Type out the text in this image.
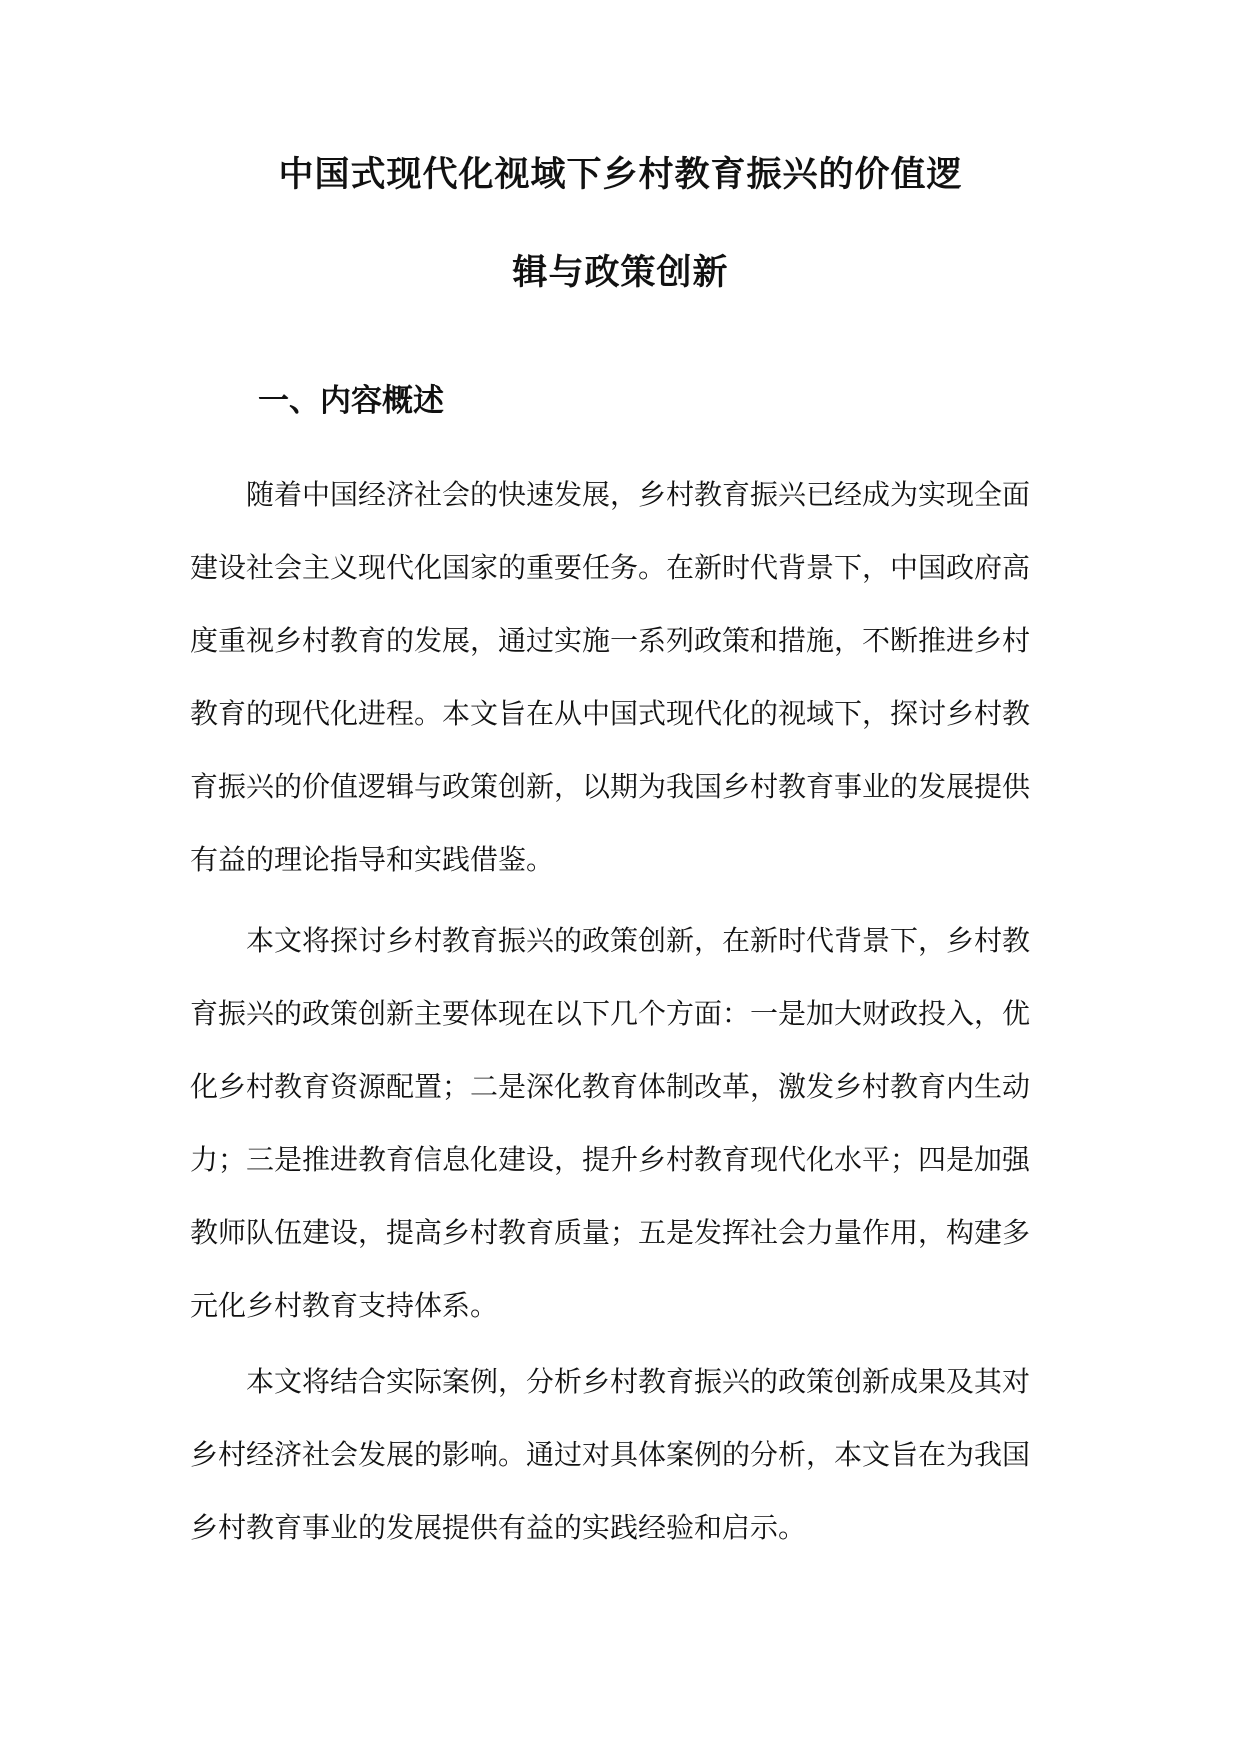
中国式现代化视域下乡村教育振兴的价值逻
辑与政策创新
一、内容概述

随着中国经济社会的快速发展，乡村教育振兴已经成为实现全面
建设社会主义现代化国家的重要任务。在新时代背景下，中国政府高
度重视乡村教育的发展，通过实施一系列政策和措施，不断推进乡村
教育的现代化进程。本文旨在从中国式现代化的视域下，探讨乡村教
育振兴的价值逻辑与政策创新，以期为我国乡村教育事业的发展提供
有益的理论指导和实践借鉴。

本文将探讨乡村教育振兴的政策创新，在新时代背景下，乡村教
育振兴的政策创新主要体现在以下几个方面：一是加大财政投入，优
化乡村教育资源配置；二是深化教育体制改革，激发乡村教育内生动
力；三是推进教育信息化建设，提升乡村教育现代化水平；四是加强
教师队伍建设，提高乡村教育质量；五是发挥社会力量作用，构建多
元化乡村教育支持体系。

本文将结合实际案例，分析乡村教育振兴的政策创新成果及其对
乡村经济社会发展的影响。通过对具体案例的分析，本文旨在为我国
乡村教育事业的发展提供有益的实践经验和启示。
